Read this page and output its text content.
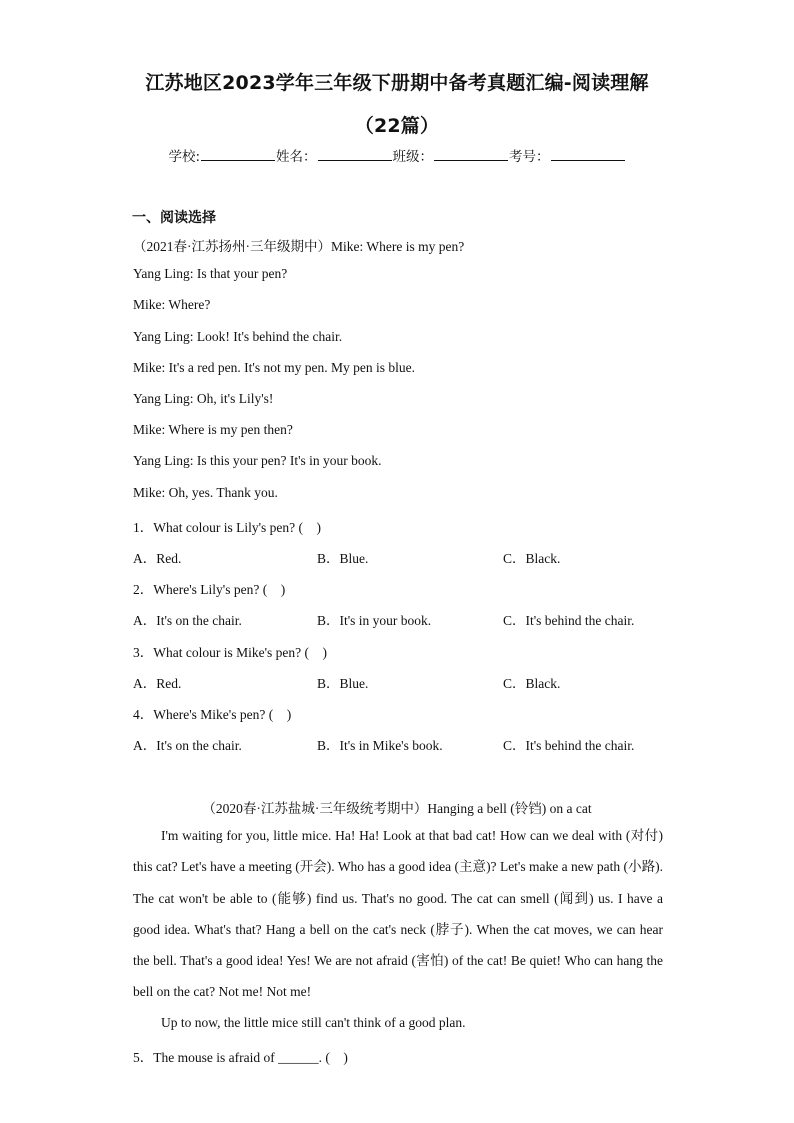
江苏地区2023学年三年级下册期中备考真题汇编-阅读理解
（22篇）
学校:	姓名：	班级：	考号：
一、阅读选择
（2021春·江苏扬州·三年级期中）Mike: Where is my pen?
Yang Ling: Is that your pen?
Mike: Where?
Yang Ling: Look! It's behind the chair.
Mike: It's a red pen. It's not my pen. My pen is blue.
Yang Ling: Oh, it's Lily's!
Mike: Where is my pen then?
Yang Ling: Is this your pen? It's in your book.
Mike: Oh, yes. Thank you.
1．What colour is Lily's pen? (　)
A．Red.	B．Blue.	C．Black.
2．Where's Lily's pen? (　)
A．It's on the chair.	B．It's in your book.	C．It's behind the chair.
3．What colour is Mike's pen? (　)
A．Red.	B．Blue.	C．Black.
4．Where's Mike's pen? (　)
A．It's on the chair.	B．It's in Mike's book.	C．It's behind the chair.
（2020春·江苏盐城·三年级统考期中）Hanging a bell (铃铛) on a cat
I'm waiting for you, little mice. Ha! Ha! Look at that bad cat! How can we deal with (对付) this cat? Let's have a meeting (开会). Who has a good idea (主意)? Let's make a new path (小路). The cat won't be able to (能够) find us. That's no good. The cat can smell (闻到) us. I have a good idea. What's that? Hang a bell on the cat's neck (脖子). When the cat moves, we can hear the bell. That's a good idea! Yes! We are not afraid (害怕) of the cat! Be quiet! Who can hang the bell on the cat? Not me! Not me!
Up to now, the little mice still can't think of a good plan.
5．The mouse is afraid of ______. (　)
